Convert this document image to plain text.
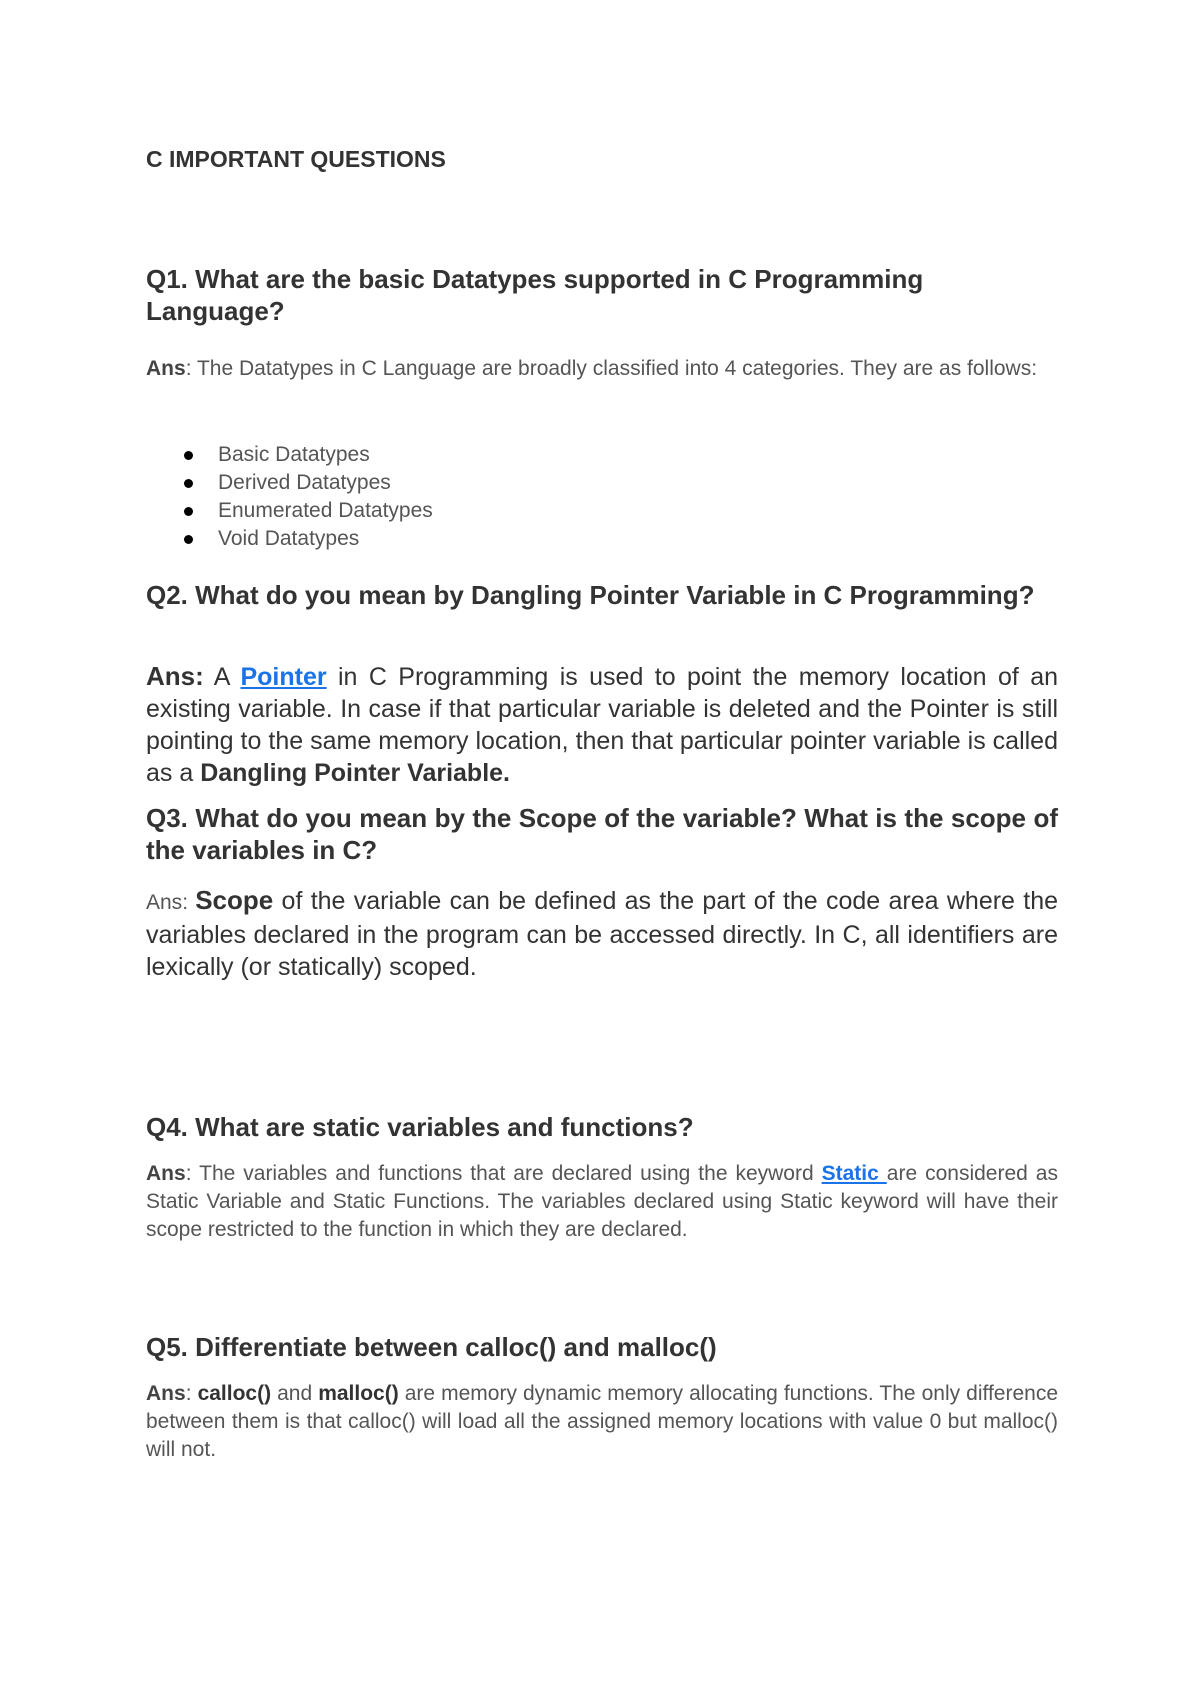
C IMPORTANT QUESTIONS

Q1. What are the basic Datatypes supported in C Programming Language?

Ans: The Datatypes in C Language are broadly classified into 4 categories. They are as follows:

Basic Datatypes
Derived Datatypes
Enumerated Datatypes
Void Datatypes

Q2. What do you mean by Dangling Pointer Variable in C Programming?

Ans: A Pointer in C Programming is used to point the memory location of an existing variable. In case if that particular variable is deleted and the Pointer is still pointing to the same memory location, then that particular pointer variable is called as a Dangling Pointer Variable.

Q3. What do you mean by the Scope of the variable? What is the scope of the variables in C?

Ans: Scope of the variable can be defined as the part of the code area where the variables declared in the program can be accessed directly. In C, all identifiers are lexically (or statically) scoped.

Q4. What are static variables and functions?

Ans: The variables and functions that are declared using the keyword Static are considered as Static Variable and Static Functions. The variables declared using Static keyword will have their scope restricted to the function in which they are declared.

Q5. Differentiate between calloc() and malloc()

Ans: calloc() and malloc() are memory dynamic memory allocating functions. The only difference between them is that calloc() will load all the assigned memory locations with value 0 but malloc() will not.
